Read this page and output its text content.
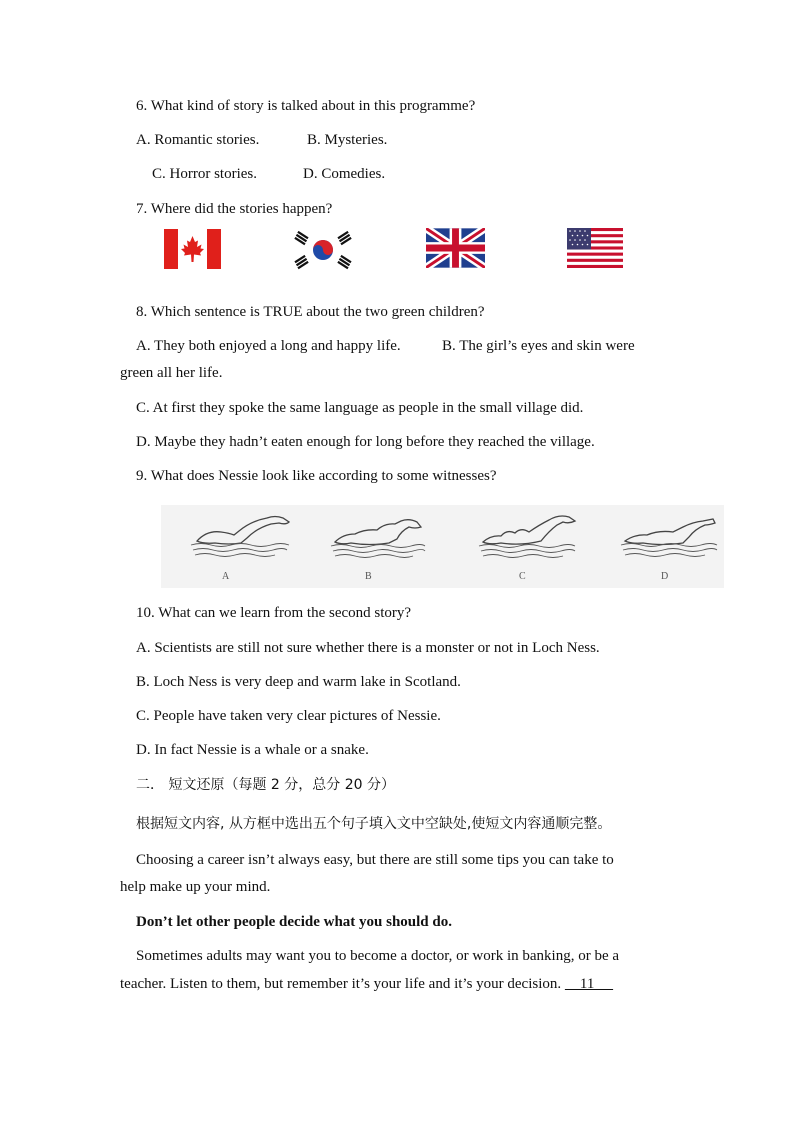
6. What kind of story is talked about in this programme?
A. Romantic stories.	B. Mysteries.
C. Horror stories.	D. Comedies.
7. Where did the stories happen?
8. Which sentence is TRUE about the two green children?
A. They both enjoyed a long and happy life.	B. The girl’s eyes and skin were
green all her life.
C. At first they spoke the same language as people in the small village did.
D. Maybe they hadn’t eaten enough for long before they reached the village.
9. What does Nessie look like according to some witnesses?
A	B	C	D
10. What can we learn from the second story?
A. Scientists are still not sure whether there is a monster or not in Loch Ness.
B. Loch Ness is very deep and warm lake in Scotland.
C. People have taken very clear pictures of Nessie.
D. In fact Nessie is a whale or a snake.
二． 短文还原（每题 2 分，总分 20 分）
根据短文内容, 从方框中选出五个句子填入文中空缺处,使短文内容通顺完整。
Choosing a career isn’t always easy, but there are still some tips you can take to
help make up your mind.
Don’t let other people decide what you should do.
Sometimes adults may want you to become a doctor, or work in banking, or be a
teacher. Listen to them, but remember it’s your life and it’s your decision.     11
